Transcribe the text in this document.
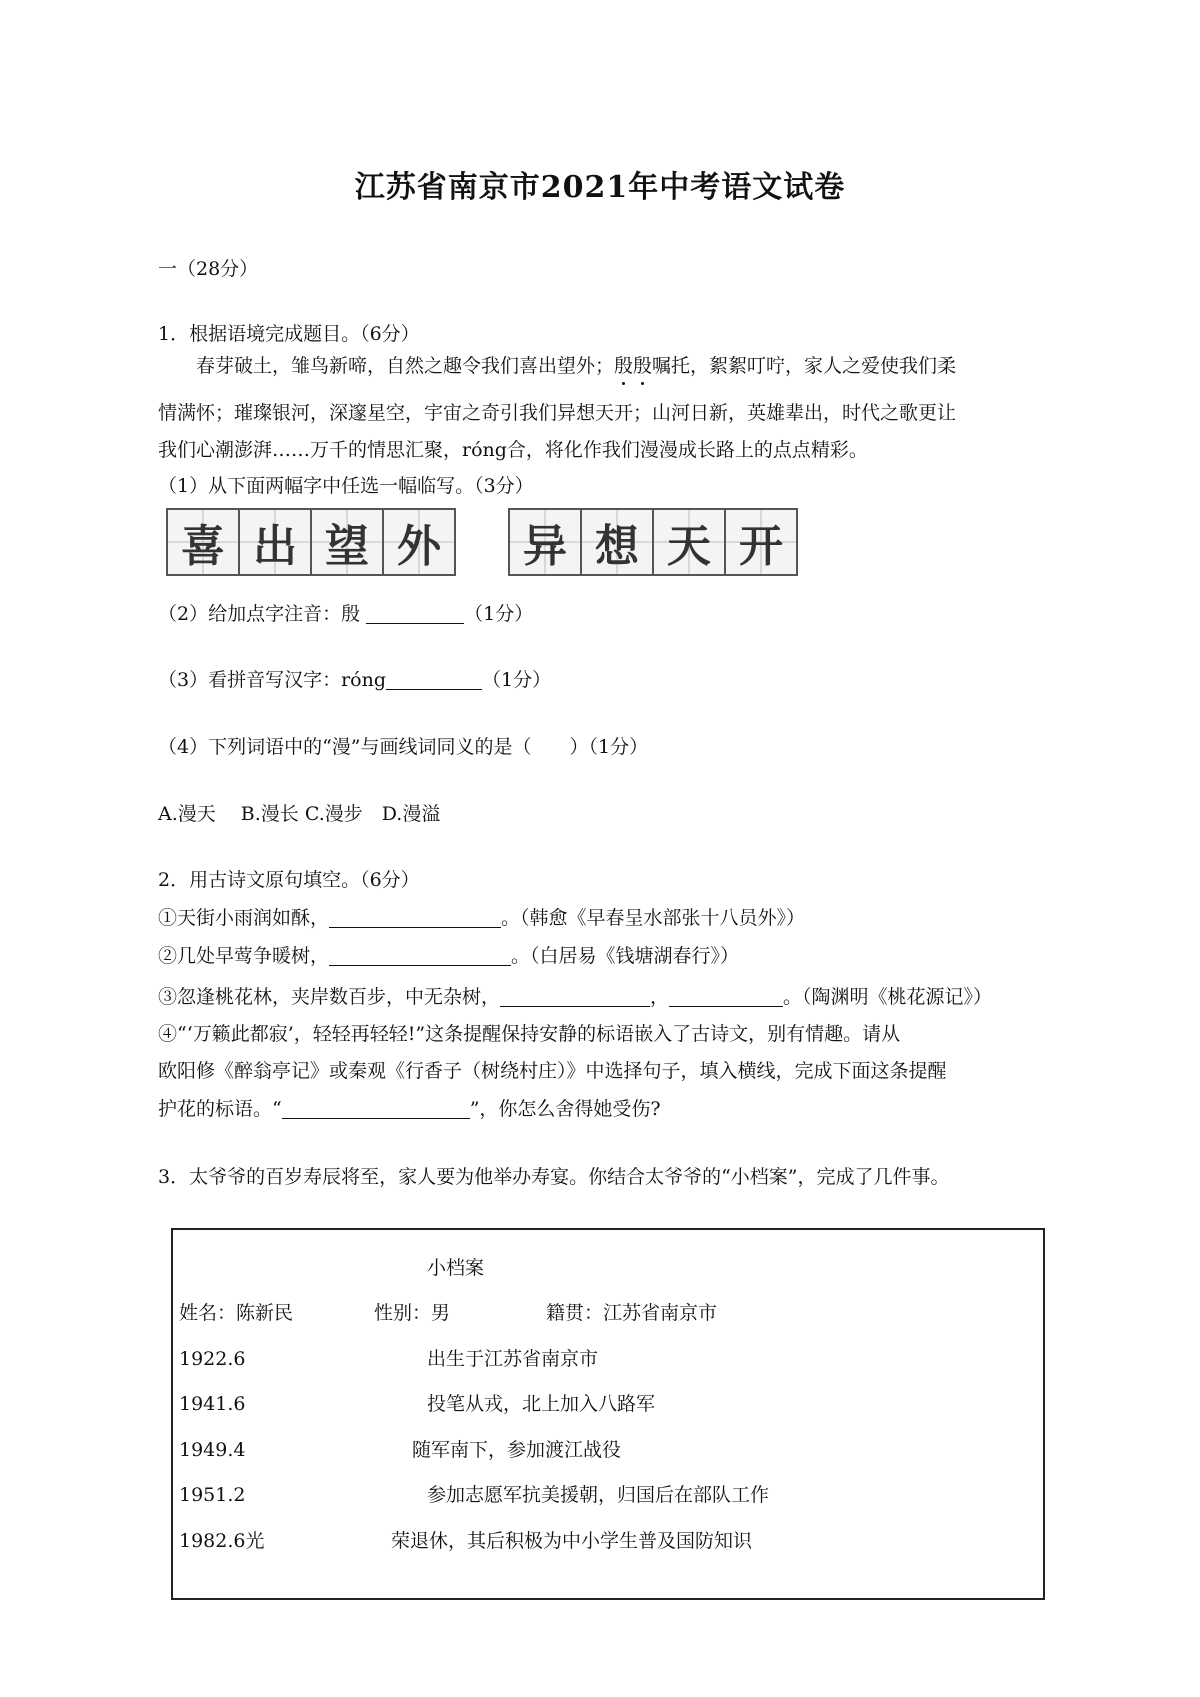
江苏省南京市2021年中考语文试卷
一（28分）
1．根据语境完成题目。（6分）
春芽破土，雏鸟新啼，自然之趣令我们喜出望外；殷殷嘱托，絮絮叮咛，家人之爱使我们柔
情满怀；璀璨银河，深邃星空，宇宙之奇引我们异想天开；山河日新，英雄辈出，时代之歌更让
我们心潮澎湃……万千的情思汇聚，róng合，将化作我们漫漫成长路上的点点精彩。
（1）从下面两幅字中任选一幅临写。（3分）
喜 出 望 外 异 想 天 开
（2）给加点字注音：殷	（1分）
（3）看拼音写汉字：róng	（1分）
（4）下列词语中的“漫”与画线词同义的是（　　）（1分）
A.漫天　 B.漫长 C.漫步　D.漫溢
2．用古诗文原句填空。（6分）
①天街小雨润如酥，	。（韩愈《早春呈水部张十八员外》）
②几处早莺争暖树，	。（白居易《钱塘湖春行》）
③忽逢桃花林，夹岸数百步，中无杂树，	，	。（陶渊明《桃花源记》）
④“‘万籁此都寂’，轻轻再轻轻!”这条提醒保持安静的标语嵌入了古诗文，别有情趣。请从
欧阳修《醉翁亭记》或秦观《行香子（树绕村庄）》中选择句子，填入横线，完成下面这条提醒
护花的标语。“	”，你怎么舍得她受伤?
3．太爷爷的百岁寿辰将至，家人要为他举办寿宴。你结合太爷爷的“小档案”，完成了几件事。
小档案
姓名：陈新民	性别：男	籍贯：江苏省南京市
1922.6	出生于江苏省南京市
1941.6	投笔从戎，北上加入八路军
1949.4	随军南下，参加渡江战役
1951.2	参加志愿军抗美援朝，归国后在部队工作
1982.6光	荣退休，其后积极为中小学生普及国防知识
